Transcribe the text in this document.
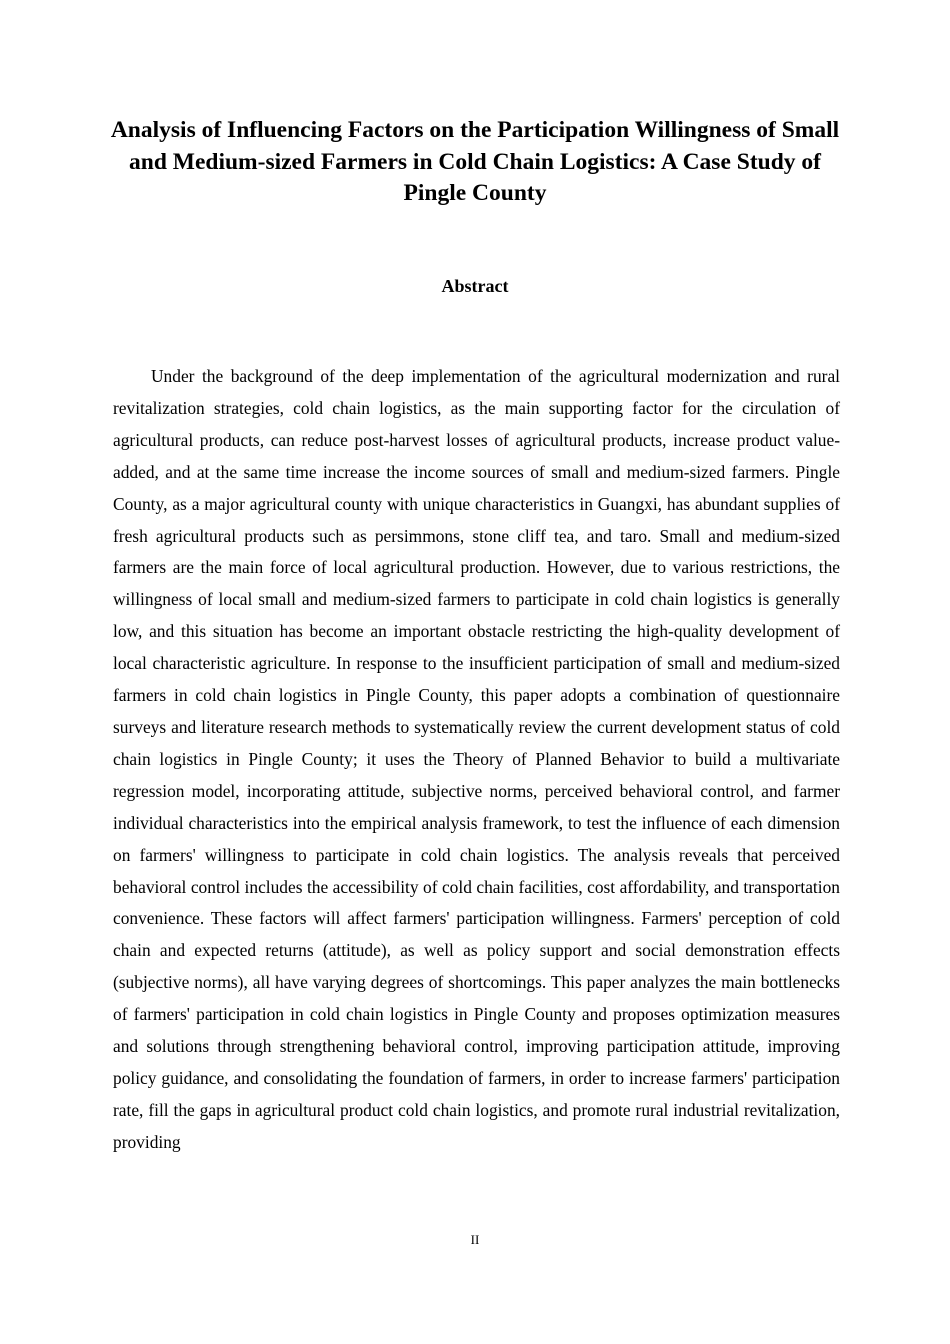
Analysis of Influencing Factors on the Participation Willingness of Small and Medium-sized Farmers in Cold Chain Logistics: A Case Study of Pingle County
Abstract

Under the background of the deep implementation of the agricultural modernization and rural revitalization strategies, cold chain logistics, as the main supporting factor for the circulation of agricultural products, can reduce post-harvest losses of agricultural products, increase product value-added, and at the same time increase the income sources of small and medium-sized farmers. Pingle County, as a major agricultural county with unique characteristics in Guangxi, has abundant supplies of fresh agricultural products such as persimmons, stone cliff tea, and taro. Small and medium-sized farmers are the main force of local agricultural production. However, due to various restrictions, the willingness of local small and medium-sized farmers to participate in cold chain logistics is generally low, and this situation has become an important obstacle restricting the high-quality development of local characteristic agriculture. In response to the insufficient participation of small and medium-sized farmers in cold chain logistics in Pingle County, this paper adopts a combination of questionnaire surveys and literature research methods to systematically review the current development status of cold chain logistics in Pingle County; it uses the Theory of Planned Behavior to build a multivariate regression model, incorporating attitude, subjective norms, perceived behavioral control, and farmer individual characteristics into the empirical analysis framework, to test the influence of each dimension on farmers' willingness to participate in cold chain logistics. The analysis reveals that perceived behavioral control includes the accessibility of cold chain facilities, cost affordability, and transportation convenience. These factors will affect farmers' participation willingness. Farmers' perception of cold chain and expected returns (attitude), as well as policy support and social demonstration effects (subjective norms), all have varying degrees of shortcomings. This paper analyzes the main bottlenecks of farmers' participation in cold chain logistics in Pingle County and proposes optimization measures and solutions through strengthening behavioral control, improving participation attitude, improving policy guidance, and consolidating the foundation of farmers, in order to increase farmers' participation rate, fill the gaps in agricultural product cold chain logistics, and promote rural industrial revitalization, providing

II
